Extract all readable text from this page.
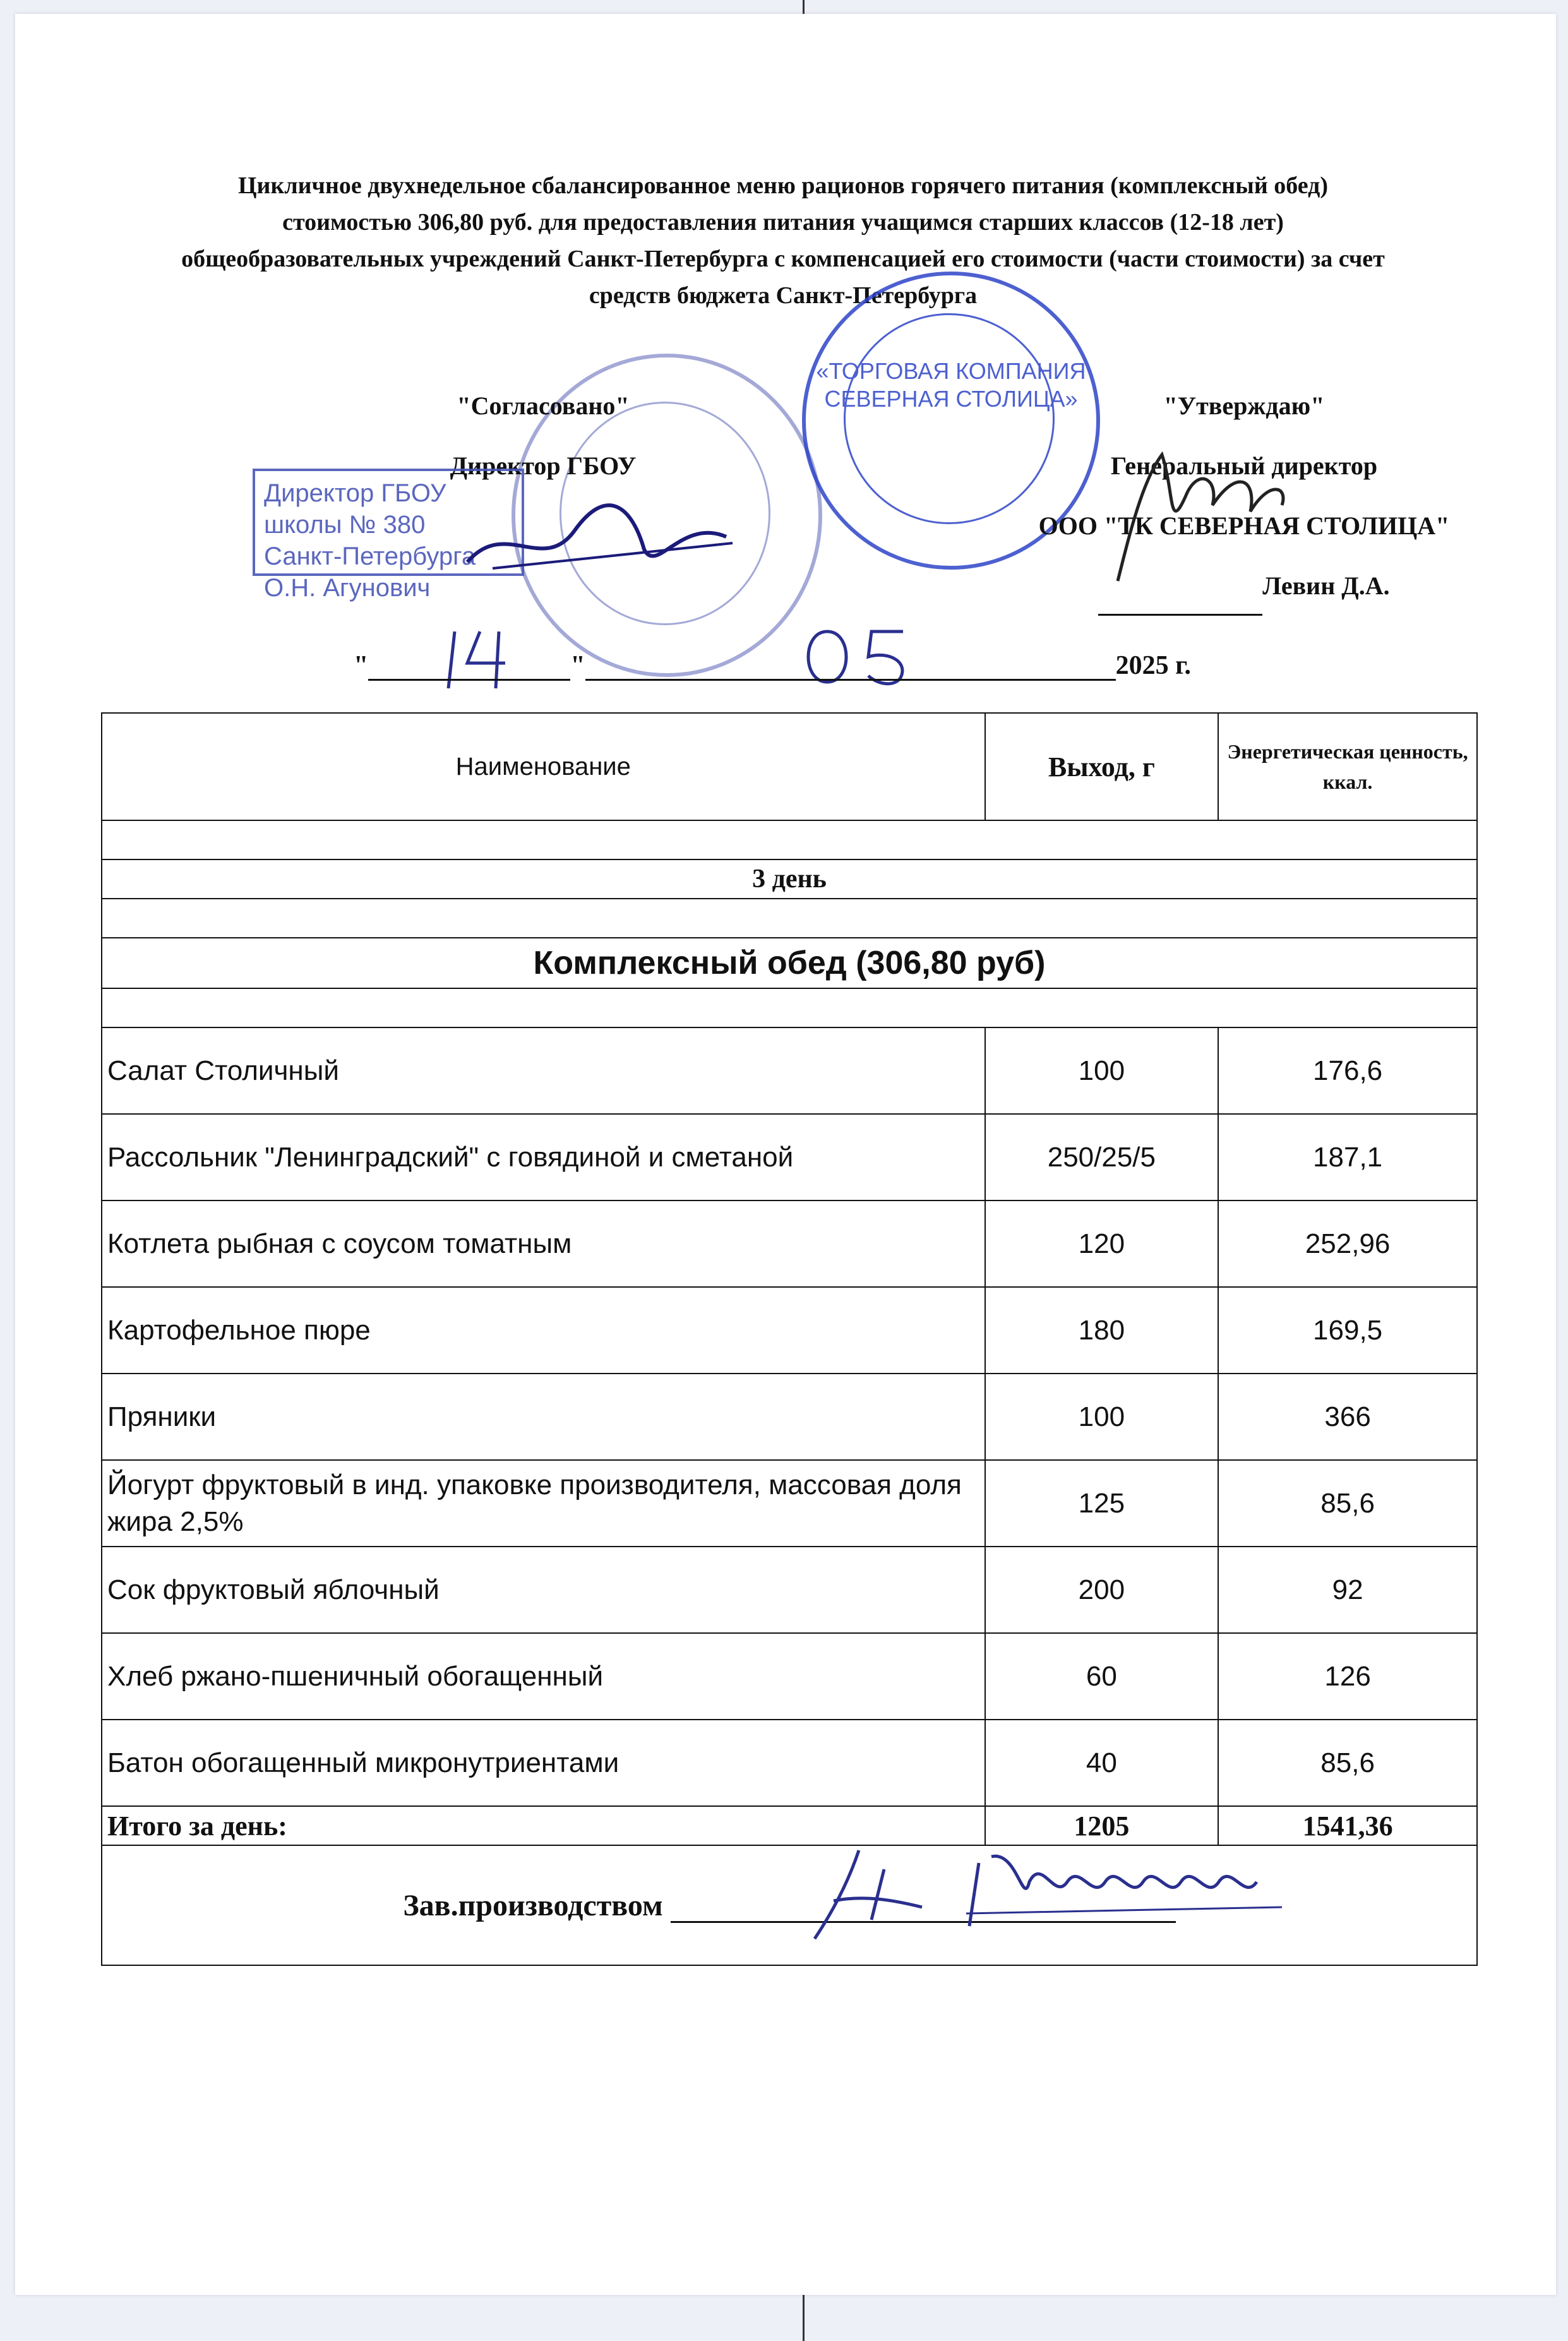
Цикличное двухнедельное сбалансированное меню рационов горячего питания (комплексный обед)
стоимостью 306,80 руб. для предоставления питания учащимся старших классов (12-18 лет)
общеобразовательных учреждений Санкт-Петербурга с компенсацией его стоимости (части стоимости) за счет
средств бюджета Санкт-Петербурга
"Согласовано"
Директор ГБОУ
Директор ГБОУ школы № 380
Санкт-Петербурга
О.Н. Агунович
«ТОРГОВАЯ КОМПАНИЯ СЕВЕРНАЯ СТОЛИЦА»	"Утверждаю"
Генеральный директор
ООО "ТК СЕВЕРНАЯ СТОЛИЦА"
Левин Д.А.
"	"	2025 г.
Наименование	Выход, г	Энергетическая ценность, ккал.

3 день		

Комплексный обед (306,80 руб)		

Салат Столичный	100	176,6
Рассольник "Ленинградский" с говядиной и сметаной	250/25/5	187,1
Котлета рыбная с соусом томатным	120	252,96
Картофельное пюре	180	169,5
Пряники	100	366
Йогурт фруктовый в инд. упаковке производителя, массовая доля жира 2,5%	125	85,6
Сок фруктовый яблочный	200	92
Хлеб ржано-пшеничный обогащенный	60	126
Батон обогащенный микронутриентами	40	85,6
Итого за день:	1205	1541,36
Зав.производством		
